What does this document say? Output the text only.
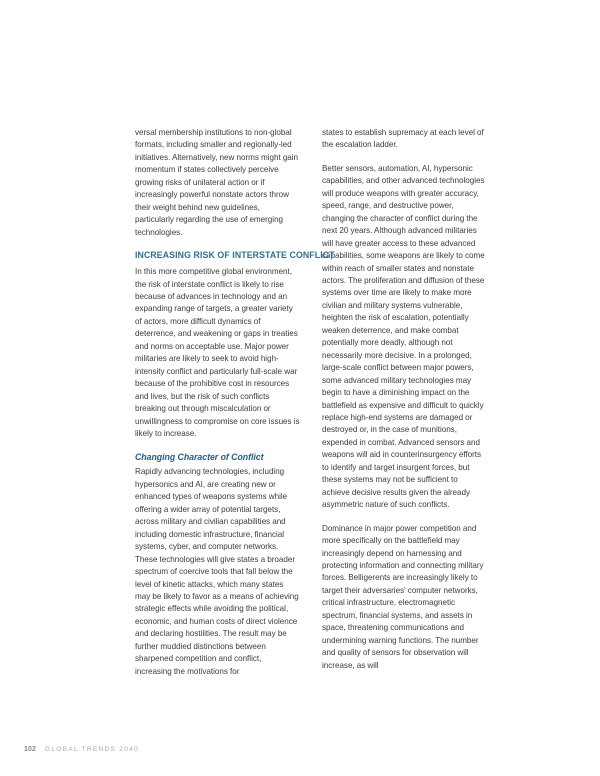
versal membership institutions to non-global formats, including smaller and regionally-led initiatives. Alternatively, new norms might gain momentum if states collectively perceive growing risks of unilateral action or if increasingly powerful nonstate actors throw their weight behind new guidelines, particularly regarding the use of emerging technologies.

INCREASING RISK OF INTERSTATE CONFLICT

In this more competitive global environment, the risk of interstate conflict is likely to rise because of advances in technology and an expanding range of targets, a greater variety of actors, more difficult dynamics of deterrence, and weakening or gaps in treaties and norms on acceptable use. Major power militaries are likely to seek to avoid high-intensity conflict and particularly full-scale war because of the prohibitive cost in resources and lives, but the risk of such conflicts breaking out through miscalculation or unwillingness to compromise on core issues is likely to increase.

Changing Character of Conflict

Rapidly advancing technologies, including hypersonics and AI, are creating new or enhanced types of weapons systems while offering a wider array of potential targets, across military and civilian capabilities and including domestic infrastructure, financial systems, cyber, and computer networks. These technologies will give states a broader spectrum of coercive tools that fall below the level of kinetic attacks, which many states may be likely to favor as a means of achieving strategic effects while avoiding the political, economic, and human costs of direct violence and declaring hostilities. The result may be further muddied distinctions between sharpened competition and conflict, increasing the motivations for

states to establish supremacy at each level of the escalation ladder.

Better sensors, automation, AI, hypersonic capabilities, and other advanced technologies will produce weapons with greater accuracy, speed, range, and destructive power, changing the character of conflict during the next 20 years. Although advanced militaries will have greater access to these advanced capabilities, some weapons are likely to come within reach of smaller states and nonstate actors. The proliferation and diffusion of these systems over time are likely to make more civilian and military systems vulnerable, heighten the risk of escalation, potentially weaken deterrence, and make combat potentially more deadly, although not necessarily more decisive. In a prolonged, large-scale conflict between major powers, some advanced military technologies may begin to have a diminishing impact on the battlefield as expensive and difficult to quickly replace high-end systems are damaged or destroyed or, in the case of munitions, expended in combat. Advanced sensors and weapons will aid in counterinsurgency efforts to identify and target insurgent forces, but these systems may not be sufficient to achieve decisive results given the already asymmetric nature of such conflicts.

Dominance in major power competition and more specifically on the battlefield may increasingly depend on harnessing and protecting information and connecting military forces. Belligerents are increasingly likely to target their adversaries' computer networks, critical infrastructure, electromagnetic spectrum, financial systems, and assets in space, threatening communications and undermining warning functions. The number and quality of sensors for observation will increase, as will

102 GLOBAL TRENDS 2040
